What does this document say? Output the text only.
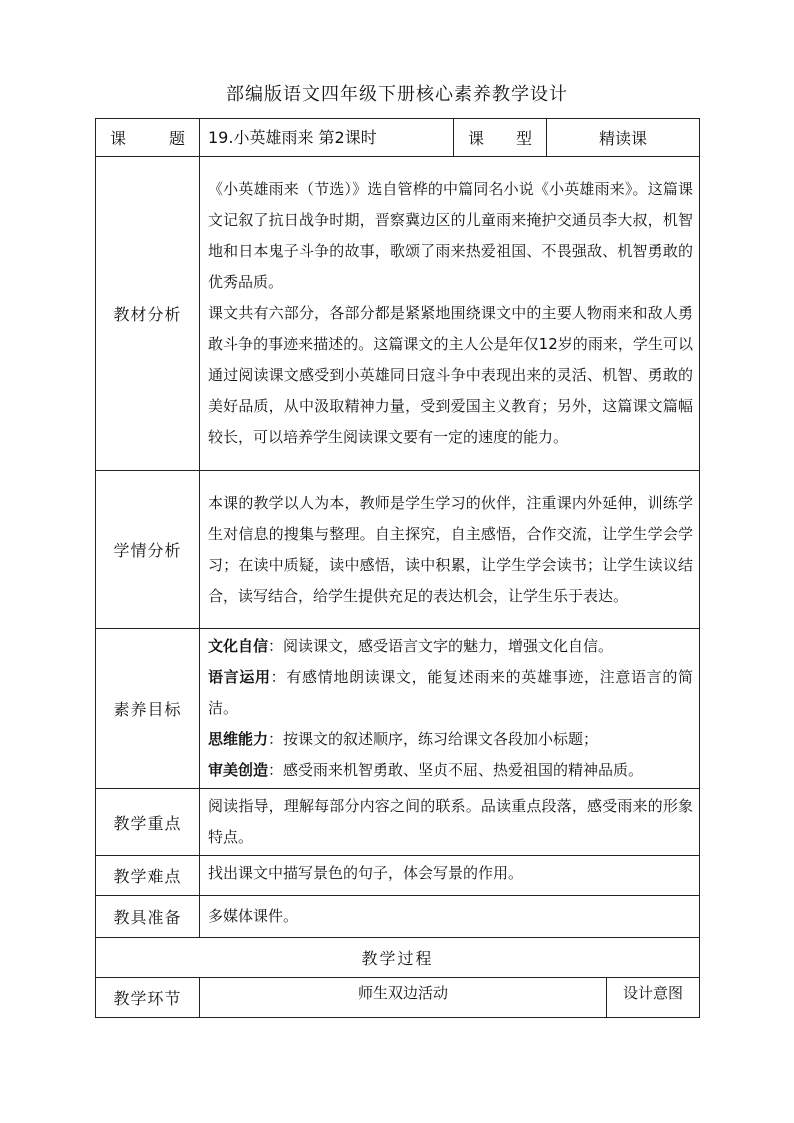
部编版语文四年级下册核心素养教学设计
课 题	19.小英雄雨来 第2课时	课 型	精读课	
教材分析	《小英雄雨来（节选）》选自管桦的中篇同名小说《小英雄雨来》。这篇课文记叙了抗日战争时期，晋察冀边区的儿童雨来掩护交通员李大叔，机智地和日本鬼子斗争的故事，歌颂了雨来热爱祖国、不畏强敌、机智勇敢的优秀品质。

课文共有六部分，各部分都是紧紧地围绕课文中的主要人物雨来和敌人勇敢斗争的事迹来描述的。这篇课文的主人公是年仅12岁的雨来，学生可以通过阅读课文感受到小英雄同日寇斗争中表现出来的灵活、机智、勇敢的美好品质，从中汲取精神力量，受到爱国主义教育；另外，这篇课文篇幅较长，可以培养学生阅读课文要有一定的速度的能力。			

学情分析	本课的教学以人为本，教师是学生学习的伙伴，注重课内外延伸，训练学生对信息的搜集与整理。自主探究，自主感悟，合作交流，让学生学会学习；在读中质疑，读中感悟，读中积累，让学生学会读书；让学生读议结合，读写结合，给学生提供充足的表达机会，让学生乐于表达。			
素养目标	文化自信：阅读课文，感受语言文字的魅力，增强文化自信。

语言运用：有感情地朗读课文，能复述雨来的英雄事迹，注意语言的简洁。

思维能力：按课文的叙述顺序，练习给课文各段加小标题；

审美创造：感受雨来机智勇敢、坚贞不屈、热爱祖国的精神品质。			

教学重点	阅读指导，理解每部分内容之间的联系。品读重点段落，感受雨来的形象特点。			
教学难点	找出课文中描写景色的句子，体会写景的作用。			
教具准备	多媒体课件。			
教学过程				
教学环节	师生双边活动			设计意图
